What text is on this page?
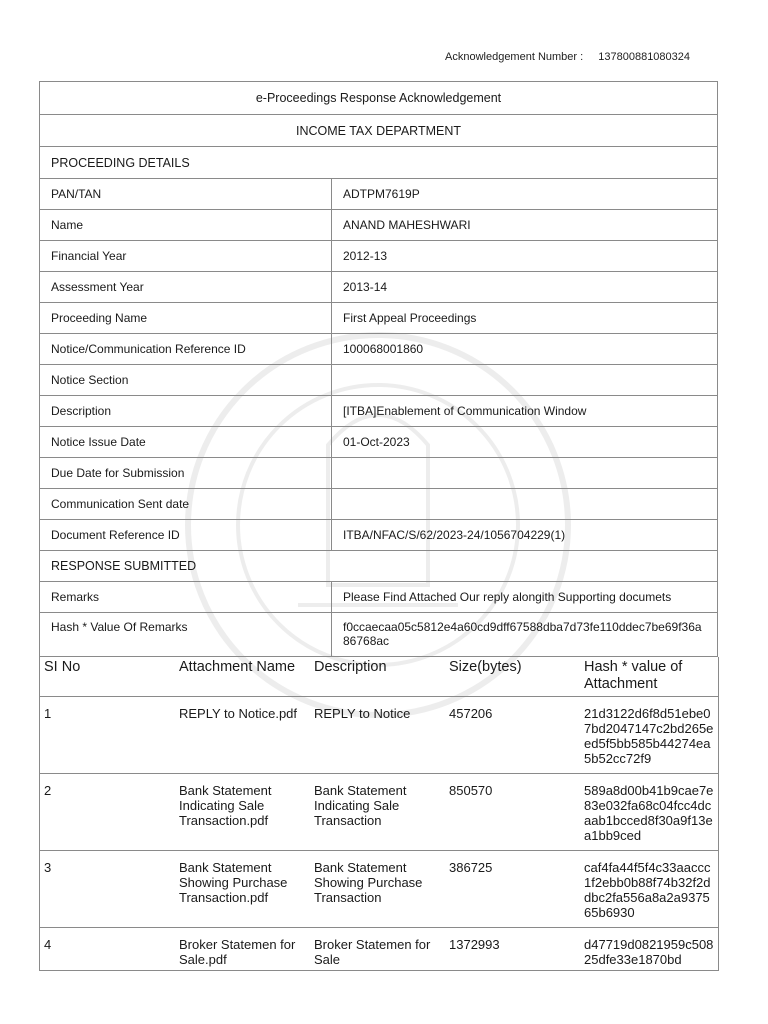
Acknowledgement Number : 137800881080324
e-Proceedings Response Acknowledgement	
INCOME TAX DEPARTMENT	
PROCEEDING DETAILS	
PAN/TAN	ADTPM7619P
Name	ANAND MAHESHWARI
Financial Year	2012-13
Assessment Year	2013-14
Proceeding Name	First Appeal Proceedings
Notice/Communication Reference ID	100068001860
Notice Section	
Description	[ITBA]Enablement of Communication Window
Notice Issue Date	01-Oct-2023
Due Date for Submission	
Communication Sent date	
Document Reference ID	ITBA/NFAC/S/62/2023-24/1056704229(1)
RESPONSE SUBMITTED	
Remarks	Please Find Attached Our reply alongith Supporting documets
Hash * Value Of Remarks	f0ccaecaa05c5812e4a60cd9dff67588dba7d73fe110ddec7be69f36a86768ac
SI No	Attachment Name	Description	Size(bytes)	Hash * value of Attachment
1	REPLY to Notice.pdf	REPLY to Notice	457206	21d3122d6f8d51ebe07bd2047147c2bd265eed5f5bb585b44274ea5b52cc72f9
2	Bank Statement Indicating Sale Transaction.pdf	Bank Statement Indicating Sale Transaction	850570	589a8d00b41b9cae7e83e032fa68c04fcc4dcaab1bcced8f30a9f13ea1bb9ced
3	Bank Statement Showing Purchase Transaction.pdf	Bank Statement Showing Purchase Transaction	386725	caf4fa44f5f4c33aaccc1f2ebb0b88f74b32f2ddbc2fa556a8a2a937565b6930
4	Broker Statemen for Sale.pdf	Broker Statemen for Sale	1372993	d47719d0821959c50825dfe33e1870bd
